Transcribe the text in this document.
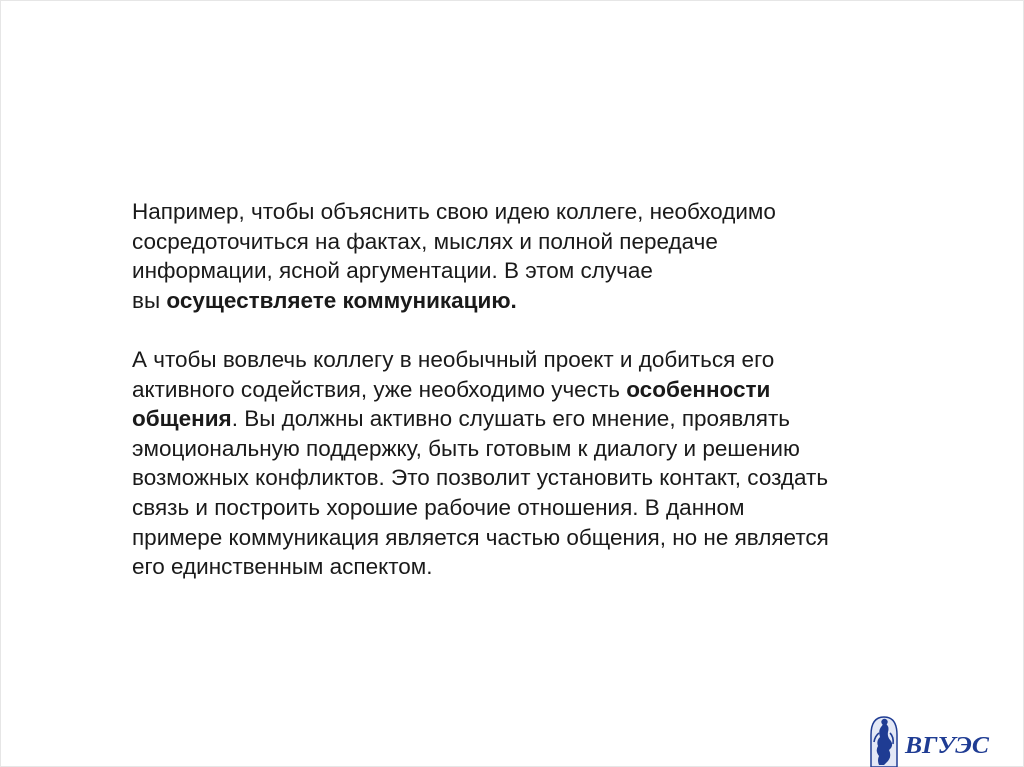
Например, чтобы объяснить свою идею коллеге, необходимо
сосредоточиться на фактах, мыслях и полной передаче
информации, ясной аргументации. В этом случае
вы осуществляете коммуникацию.
А чтобы вовлечь коллегу в необычный проект и добиться его
активного содействия, уже необходимо учесть особенности
общения. Вы должны активно слушать его мнение, проявлять
эмоциональную поддержку, быть готовым к диалогу и решению
возможных конфликтов. Это позволит установить контакт, создать
связь и построить хорошие рабочие отношения. В данном
примере коммуникация является частью общения, но не является
его единственным аспектом.
ВГУЭС
